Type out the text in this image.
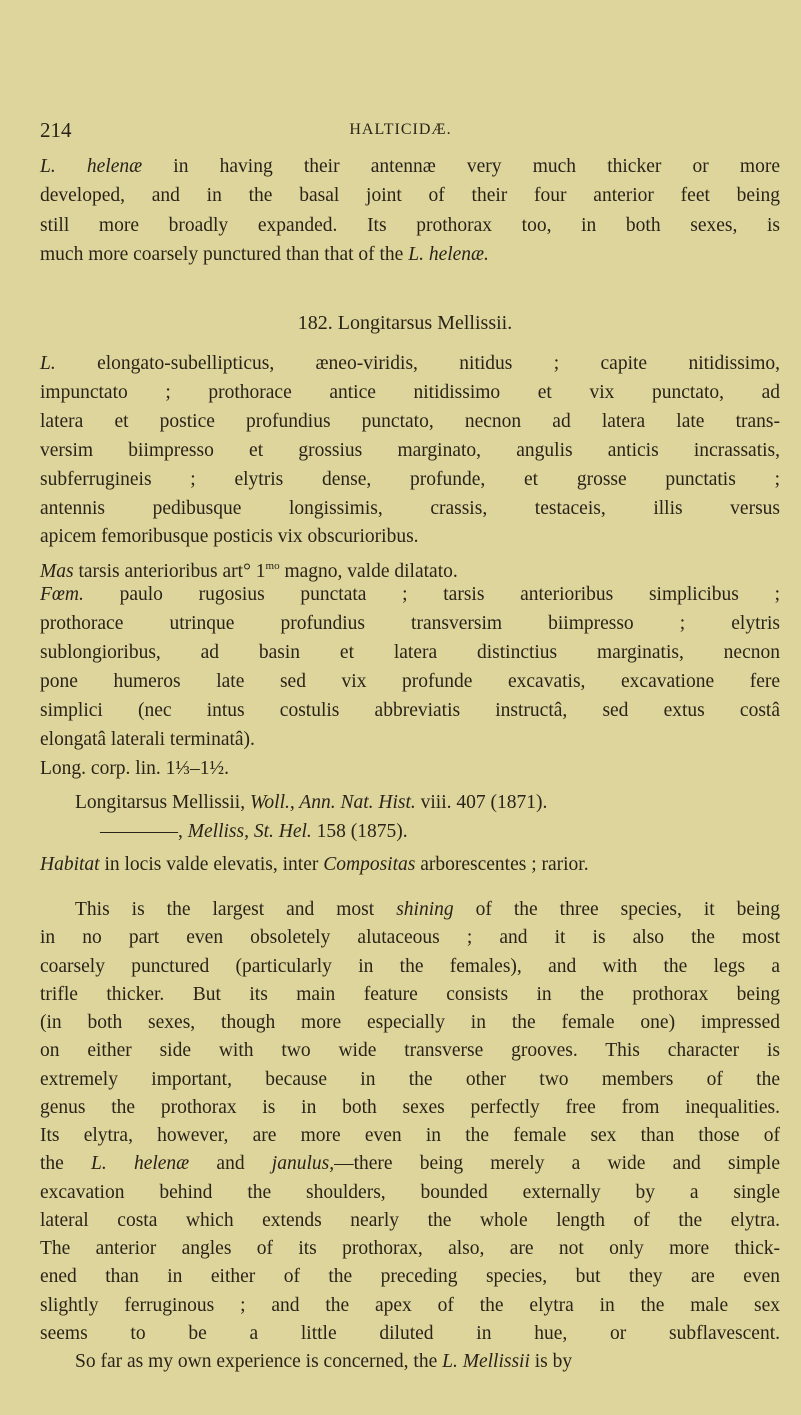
214	HALTICIDÆ.
182. Longitarsus Mellissii.
L. helenæ in having their antennæ very much thicker or more
developed, and in the basal joint of their four anterior feet being
still more broadly expanded. Its prothorax too, in both sexes, is
much more coarsely punctured than that of the L. helenæ.
L. elongato-subellipticus, æneo-viridis, nitidus ; capite nitidissimo,
impunctato ; prothorace antice nitidissimo et vix punctato, ad
latera et postice profundius punctato, necnon ad latera late trans-
versim biimpresso et grossius marginato, angulis anticis incrassatis,
subferrugineis ; elytris dense, profunde, et grosse punctatis ;
antennis pedibusque longissimis, crassis, testaceis, illis versus
apicem femoribusque posticis vix obscurioribus.
Mas tarsis anterioribus art° $1^{mo}$ magno, valde dilatato.
Fœm. paulo rugosius punctata ; tarsis anterioribus simplicibus ;
prothorace utrinque profundius transversim biimpresso ; elytris
sublongioribus, ad basin et latera distinctius marginatis, necnon
pone humeros late sed vix profunde excavatis, excavatione fere
simplici (nec intus costulis abbreviatis instructâ, sed extus costâ
elongatâ laterali terminatâ).
Long. corp. lin. 1⅓–1½.
Longitarsus Mellissii, Woll., Ann. Nat. Hist. viii. 407 (1871).
————, Melliss, St. Hel. 158 (1875).
Habitat in locis valde elevatis, inter Compositas arborescentes ; rarior.
This is the largest and most shining of the three species, it being
in no part even obsoletely alutaceous ; and it is also the most
coarsely punctured (particularly in the females), and with the legs a
trifle thicker. But its main feature consists in the prothorax being
(in both sexes, though more especially in the female one) impressed
on either side with two wide transverse grooves. This character is
extremely important, because in the other two members of the
genus the prothorax is in both sexes perfectly free from inequalities.
Its elytra, however, are more even in the female sex than those of
the L. helenæ and janulus,—there being merely a wide and simple
excavation behind the shoulders, bounded externally by a single
lateral costa which extends nearly the whole length of the elytra.
The anterior angles of its prothorax, also, are not only more thick-
ened than in either of the preceding species, but they are even
slightly ferruginous ; and the apex of the elytra in the male sex
seems to be a little diluted in hue, or subflavescent.
So far as my own experience is concerned, the L. Mellissii is by
